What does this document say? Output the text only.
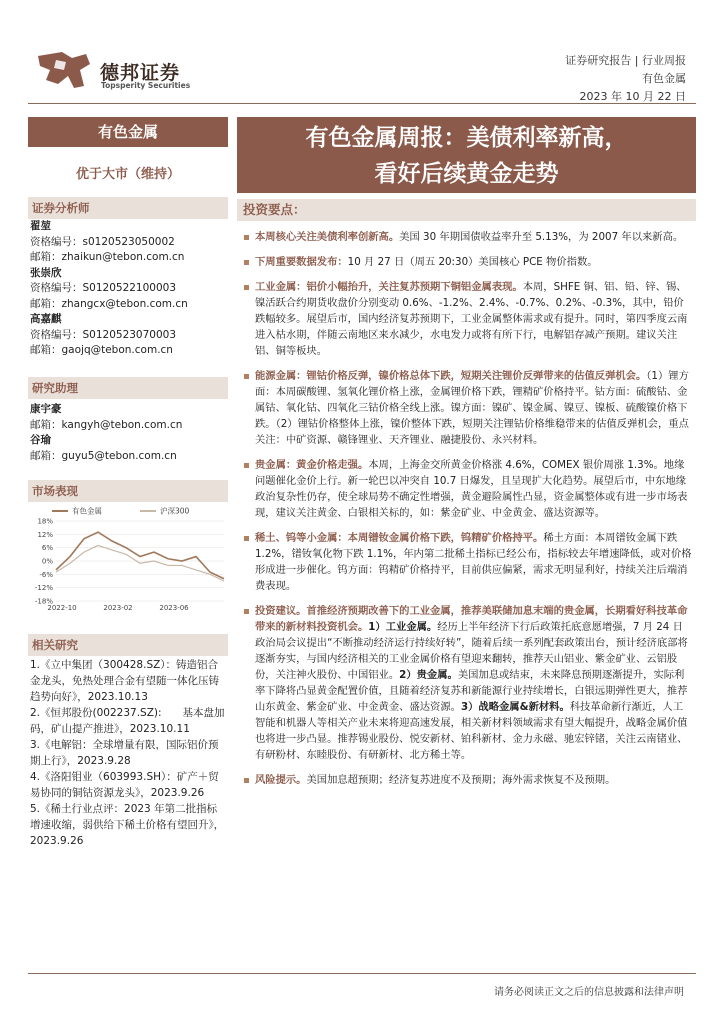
德邦证券
Topsperity Securities
证券研究报告 | 行业周报
有色金属
2023 年 10 月 22 日
有色金属
优于大市（维持）
证券分析师
翟堃
资格编号：s0120523050002
邮箱：zhaikun@tebon.com.cn
张崇欣
资格编号：S0120522100003
邮箱：zhangcx@tebon.com.cn
高嘉麒
资格编号：S0120523070003
邮箱：gaojq@tebon.com.cn
研究助理
康宇豪
邮箱：kangyh@tebon.com.cn
谷瑜
邮箱：guyu5@tebon.com.cn
市场表现
18%
12%
6%
0%
-6%
-12%
-18%
2022-10	2023-02	2023-06
有色金属	沪深300
相关研究

1.《立中集团（300428.SZ）：铸造铝合金龙头，免热处理合金有望随一体化压铸趋势向好》，2023.10.13

2.《恒邦股份(002237.SZ):　　基本盘加码，矿山提产推进》，2023.10.11

3.《电解铝：全球增量有限，国际铝价预期上行》，2023.9.28

4.《洛阳钼业（603993.SH）：矿产＋贸易协同的铜钴资源龙头》，2023.9.26

5.《稀土行业点评：2023 年第二批指标增速收缩，弱供给下稀土价格有望回升》，2023.9.26

有色金属周报：美债利率新高，
看好后续黄金走势
投资要点：
本周核心关注美债利率创新高。美国 30 年期国债收益率升至 5.13%，为 2007 年以来新高。
下周重要数据发布：10 月 27 日（周五 20:30）美国核心 PCE 物价指数。
工业金属：铝价小幅抬升，关注复苏预期下铜铝金属表现。本周，SHFE 铜、铝、铅、锌、锡、镍活跃合约期货收盘价分别变动 0.6%、-1.2%、2.4%、-0.7%、0.2%、-0.3%，其中，铅价跌幅较多。展望后市，国内经济复苏预期下，工业金属整体需求或有提升。同时，第四季度云南进入枯水期，伴随云南地区来水减少，水电发力或将有所下行，电解铝存减产预期。建议关注铝、铜等板块。
能源金属：锂钴价格反弹，镍价格总体下跌，短期关注锂价反弹带来的估值反弹机会。（1）锂方面：本周碳酸锂、氢氧化锂价格上涨，金属锂价格下跌，锂精矿价格持平。钴方面：硫酸钴、金属钴、氧化钴、四氧化三钴价格全线上涨。镍方面：镍矿、镍金属、镍豆、镍板、硫酸镍价格下跌。（2）锂钴价格整体上涨，镍价整体下跌，短期关注锂钴价格维稳带来的估值反弹机会，重点关注：中矿资源、赣锋锂业、天齐锂业、融捷股份、永兴材料。
贵金属：黄金价格走强。本周，上海金交所黄金价格涨 4.6%，COMEX 银价周涨 1.3%。地缘问题催化金价上行。新一轮巴以冲突自 10.7 日爆发，且呈现扩大化趋势。展望后市，中东地缘政治复杂性仍存，使全球局势不确定性增强，黄金避险属性凸显，资金属整体或有进一步市场表现，建议关注黄金、白银相关标的，如：紫金矿业、中金黄金、盛达资源等。
稀土、钨等小金属：本周镨钕金属价格下跌，钨精矿价格持平。稀土方面：本周镨钕金属下跌 1.2%，镨钕氧化物下跌 1.1%，年内第二批稀土指标已经公布，指标较去年增速降低，或对价格形成进一步催化。钨方面：钨精矿价格持平，目前供应偏紧，需求无明显利好，持续关注后端消费表现。
投资建议。首推经济预期改善下的工业金属，推荐美联储加息末端的贵金属，长期看好科技革命带来的新材料投资机会。1）工业金属。经历上半年经济下行后政策托底意愿增强，7 月 24 日政治局会议提出“不断推动经济运行持续好转”，随着后续一系列配套政策出台，预计经济底部将逐渐夯实，与国内经济相关的工业金属价格有望迎来翻转，推荐天山铝业、紫金矿业、云铝股份，关注神火股份、中国铝业。2）贵金属。美国加息或结束，未来降息预期逐渐提升，实际利率下降将凸显黄金配置价值，且随着经济复苏和新能源行业持续增长，白银远期弹性更大，推荐山东黄金、紫金矿业、中金黄金、盛达资源。3）战略金属&新材料。科技革命新行渐近，人工智能和机器人等相关产业未来将迎高速发展，相关新材料领域需求有望大幅提升，战略金属价值也将进一步凸显。推荐锡业股份、悦安新材、铂科新材、金力永磁、驰宏锌锗，关注云南锗业、有研粉材、东睦股份、有研新材、北方稀土等。
风险提示。美国加息超预期；经济复苏进度不及预期；海外需求恢复不及预期。
请务必阅读正文之后的信息披露和法律声明
